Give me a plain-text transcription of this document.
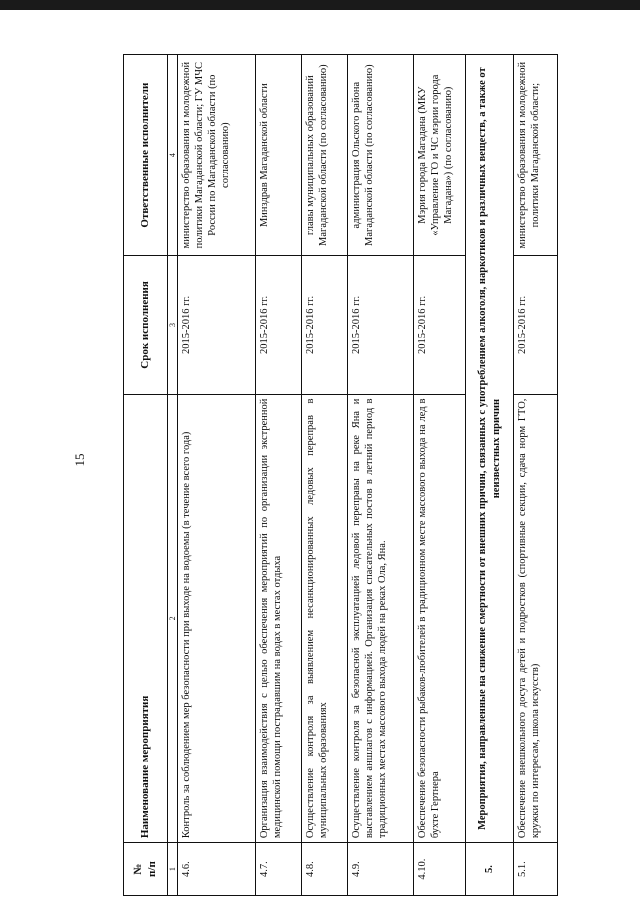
15
№
п/п	Наименование мероприятия	Срок исполнения	Ответственные исполнители
1	2	3	4
4.6.	Контроль за соблюдением мер безопасности при выходе на водоемы (в течение всего года)	2015-2016 гг.	министерство образования и молодежной политики Магаданской области; ГУ МЧС России по Магаданской области (по согласованию)
4.7.	Организация взаимодействия с целью обеспечения мероприятий по организации экстренной медицинской помощи пострадавшим на водах в местах отдыха	2015-2016 гг.	Минздрав Магаданской области
4.8.	Осуществление контроля за выявлением несанкционированных ледовых переправ в муниципальных образованиях	2015-2016 гг.	главы муниципальных образований Магаданской области (по согласованию)
4.9.	Осуществление контроля за безопасной эксплуатацией ледовой переправы на реке Яна и выставлением аншлагов с информацией. Организация спасательных постов в летний период в традиционных местах массового выхода людей на реках Ола, Яна.	2015-2016 гг.	администрация Ольского района Магаданской области (по согласованию)
4.10.	Обеспечение безопасности рыбаков-любителей в традиционном месте массового выхода на лед в бухте Гертнера	2015-2016 гг.	Мэрия города Магадана (МКУ «Управление ГО и ЧС мэрии города Магадана») (по согласованию)
5.	Мероприятия, направленные на снижение смертности от внешних причин, связанных с употреблением алкоголя, наркотиков и различных веществ, а также от неизвестных причин		
5.1.	Обеспечение внешкольного досуга детей и подростков (спортивные секции, сдача норм ГТО, кружки по интересам, школа искусств)	2015-2016 гг.	министерство образования и молодежной политики Магаданской области;
